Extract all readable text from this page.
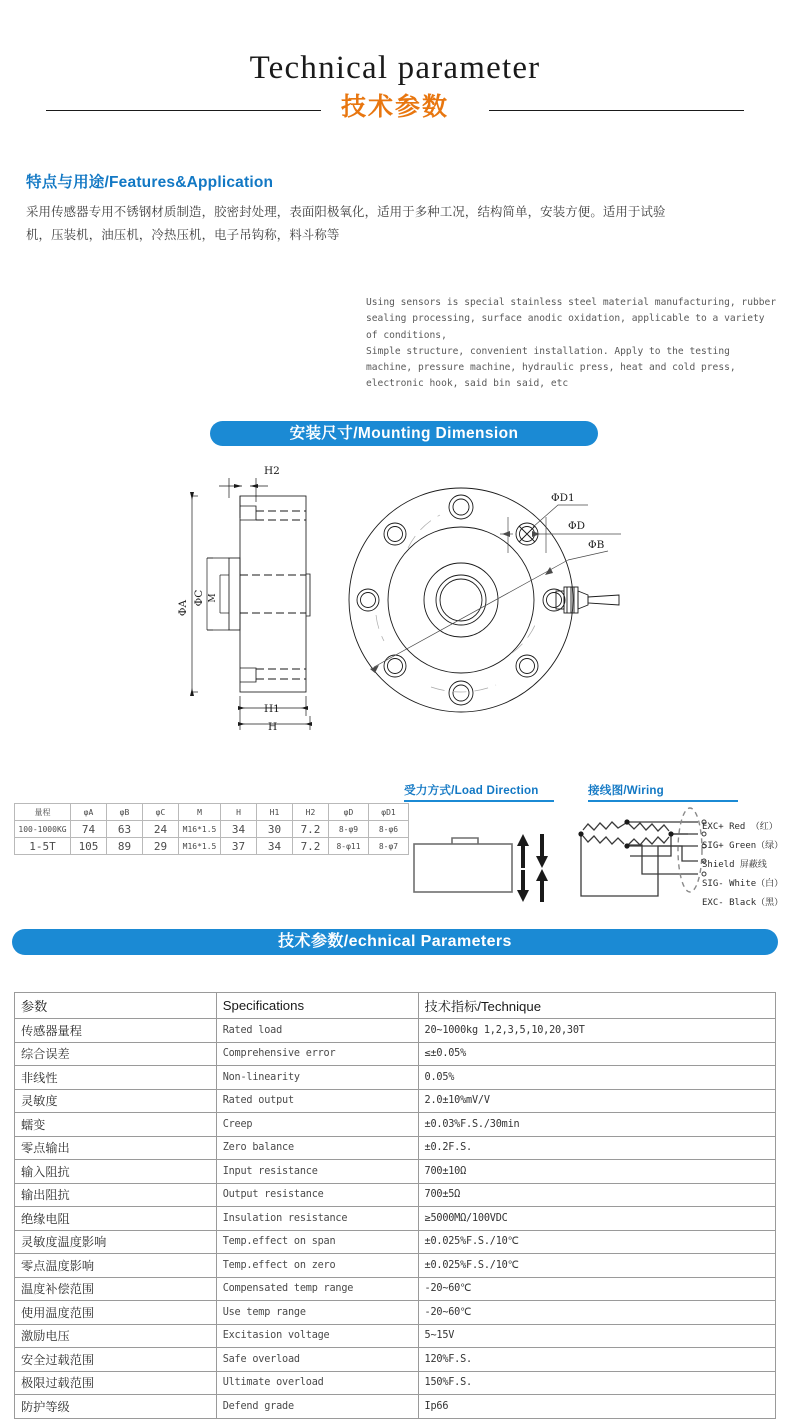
Technical parameter
技术参数
特点与用途/Features&Application
采用传感器专用不锈钢材质制造，胶密封处理，表面阳极氧化，适用于多种工况，结构简单，安装方便。适用于试验机，压装机，油压机，冷热压机，电子吊钩称，料斗称等

Using sensors is special stainless steel material manufacturing, rubber sealing processing, surface anodic oxidation, applicable to a variety of conditions,

Simple structure, convenient installation. Apply to the testing machine, pressure machine, hydraulic press, heat and cold press, electronic hook, said bin said, etc

安装尺寸/Mounting Dimension
H2
H1
H
ΦA
ΦC M
ΦD1
ΦD
ΦB
量程	φA	φB	φC	M	H	H1	H2	φD	φD1
100-1000KG	74	63	24	M16*1.5	34	30	7.2	8-φ9	8-φ6
1-5T	105	89	29	M16*1.5	37	34	7.2	8-φ11	8-φ7
受力方式/Load Direction	接线图/Wiring
EXC+ Red （红）
SIG+ Green（绿）
Shield 屏蔽线
SIG- White（白）
EXC- Black（黑）
技术参数/echnical Parameters
参数	Specifications	技术指标/Technique
传感器量程	Rated load	20~1000kg 1,2,3,5,10,20,30T
综合误差	Comprehensive error	≤±0.05%
非线性	Non-linearity	0.05%
灵敏度	Rated output	2.0±10%mV/V
蠕变	Creep	±0.03%F.S./30min
零点输出	Zero balance	±0.2F.S.
输入阻抗	Input resistance	700±10Ω
输出阻抗	Output resistance	700±5Ω
绝缘电阻	Insulation resistance	≥5000MΩ/100VDC
灵敏度温度影响	Temp.effect on span	±0.025%F.S./10℃
零点温度影响	Temp.effect on zero	±0.025%F.S./10℃
温度补偿范围	Compensated temp range	-20~60℃
使用温度范围	Use temp range	-20~60℃
激励电压	Excitasion voltage	5~15V
安全过载范围	Safe overload	120%F.S.
极限过载范围	Ultimate overload	150%F.S.
防护等级	Defend grade	Ip66
